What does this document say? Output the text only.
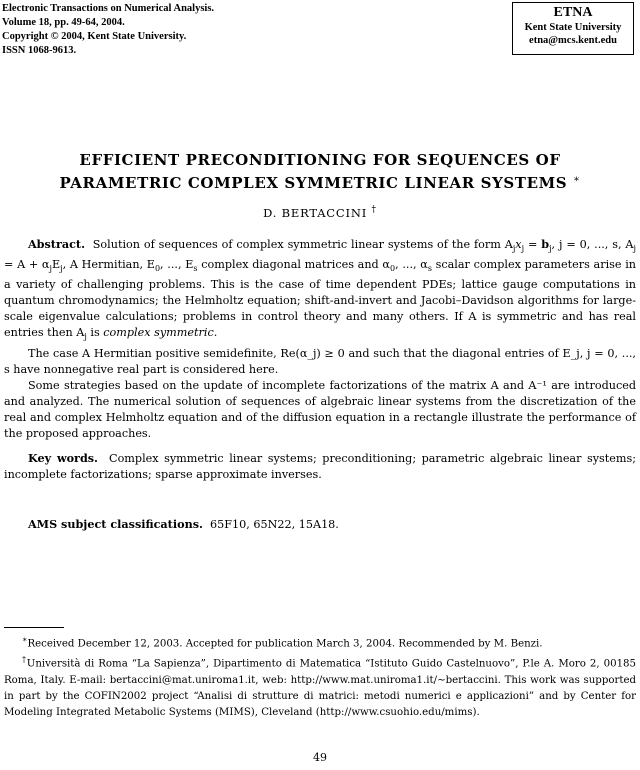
Electronic Transactions on Numerical Analysis.
Volume 18, pp. 49-64, 2004.
Copyright © 2004, Kent State University.
ISSN 1068-9613.
ETNA
Kent State University
etna@mcs.kent.edu
EFFICIENT PRECONDITIONING FOR SEQUENCES OF
PARAMETRIC COMPLEX SYMMETRIC LINEAR SYSTEMS ∗
D. BERTACCINI †

Abstract. Solution of sequences of complex symmetric linear systems of the form $A_jx_j = b_j$, j = 0, ..., s, $A_j = A + \alpha_jE_j$, A Hermitian, $E_0$, ..., $E_s$ complex diagonal matrices and $\alpha_0$, ..., $\alpha_s$ scalar complex parameters arise in a variety of challenging problems. This is the case of time dependent PDEs; lattice gauge computations in quantum chromodynamics; the Helmholtz equation; shift-and-invert and Jacobi–Davidson algorithms for large-scale eigenvalue calculations; problems in control theory and many others. If A is symmetric and has real entries then $A_j$ is complex symmetric.

The case A Hermitian positive semidefinite, Re(α_j) ≥ 0 and such that the diagonal entries of E_j, j = 0, ..., s have nonnegative real part is considered here.

Some strategies based on the update of incomplete factorizations of the matrix A and A⁻¹ are introduced and analyzed. The numerical solution of sequences of algebraic linear systems from the discretization of the real and complex Helmholtz equation and of the diffusion equation in a rectangle illustrate the performance of the proposed approaches.

Key words. Complex symmetric linear systems; preconditioning; parametric algebraic linear systems; incomplete factorizations; sparse approximate inverses.

AMS subject classifications. 65F10, 65N22, 15A18.

∗Received December 12, 2003. Accepted for publication March 3, 2004. Recommended by M. Benzi.

†Università di Roma “La Sapienza”, Dipartimento di Matematica “Istituto Guido Castelnuovo”, P.le A. Moro 2, 00185 Roma, Italy. E-mail: bertaccini@mat.uniroma1.it, web: http://www.mat.uniroma1.it/∼bertaccini. This work was supported in part by the COFIN2002 project “Analisi di strutture di matrici: metodi numerici e applicazioni” and by Center for Modeling Integrated Metabolic Systems (MIMS), Cleveland (http://www.csuohio.edu/mims).

49
